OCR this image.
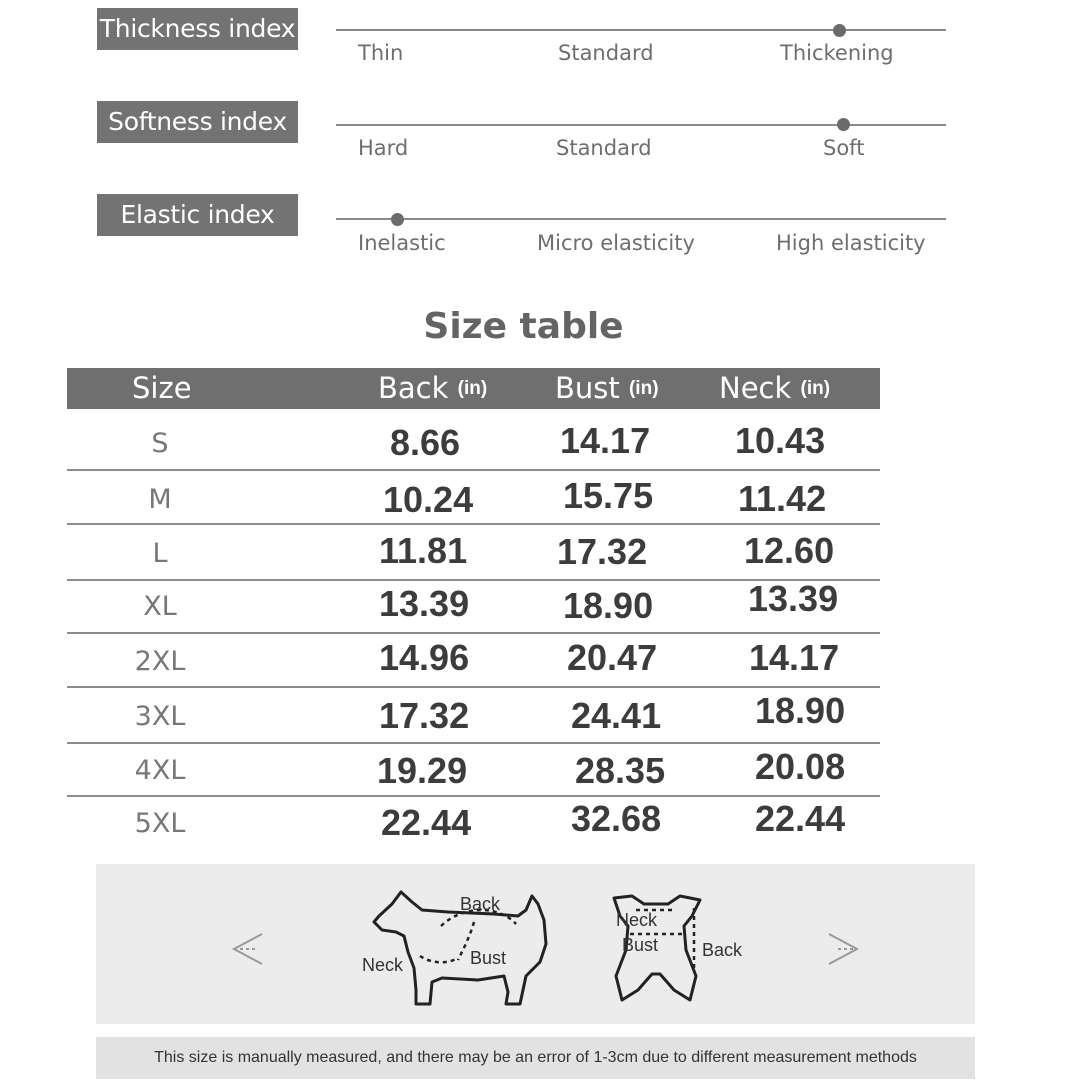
Thickness index
Thin	Standard	Thickening
Softness index
Hard	Standard	Soft
Elastic index
Inelastic	Micro elasticity	High elasticity
Size table
Size	Back (in) Bust (in) Neck (in)
S	8.66	14.17 10.43
M	10.24 15.75 11.42
L	11.81 17.32	12.60
XL	13.39	18.90	13.39
2XL	14.96	20.47	14.17
3XL	17.32	24.41	18.90
4XL	19.29	28.35 20.08
5XL	22.44	32.68	22.44
Back
Bust
Neck
Neck
Bust Back
This size is manually measured, and there may be an error of 1-3cm due to different measurement methods
